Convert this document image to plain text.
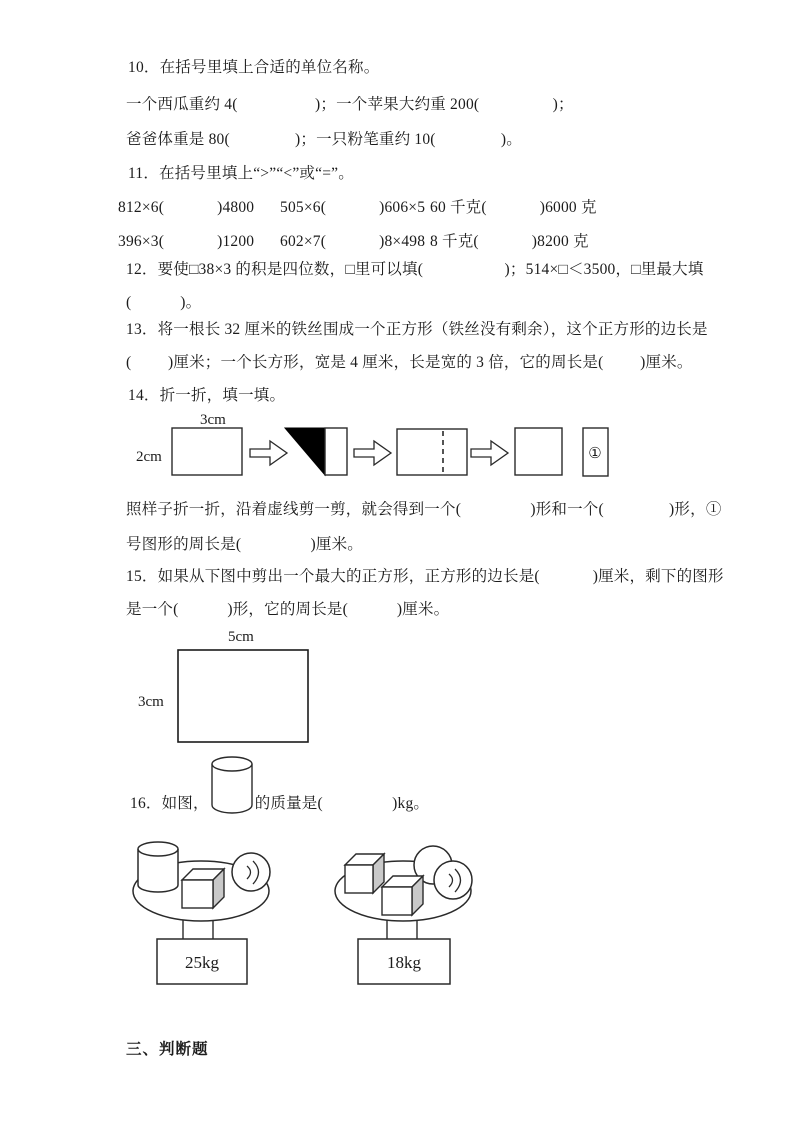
10．在括号里填上合适的单位名称。
一个西瓜重约 4(                   )；一个苹果大约重 200(                  )；
爸爸体重是 80(                )；一只粉笔重约 10(                )。
11．在括号里填上“>”“<”或“=”。
812×6(             )4800 505×6(             )606×5 60 千克(             )6000 克
396×3(             )1200 602×7(             )8×498 8 千克(             )8200 克
12．要使□38×3 的积是四位数，□里可以填(                    )；514×□＜3500，□里最大填
(            )。
13．将一根长 32 厘米的铁丝围成一个正方形（铁丝没有剩余），这个正方形的边长是
(         )厘米；一个长方形，宽是 4 厘米，长是宽的 3 倍，它的周长是(         )厘米。
14．折一折，填一填。
3cm
2cm	①
照样子折一折，沿着虚线剪一剪，就会得到一个(                 )形和一个(                )形，①
号图形的周长是(                 )厘米。
15．如果从下图中剪出一个最大的正方形，正方形的边长是(             )厘米，剩下的图形
是一个(            )形，它的周长是(            )厘米。
5cm
3cm
16．如图，	的质量是(                 )kg。
25kg	18kg
三、判断题
